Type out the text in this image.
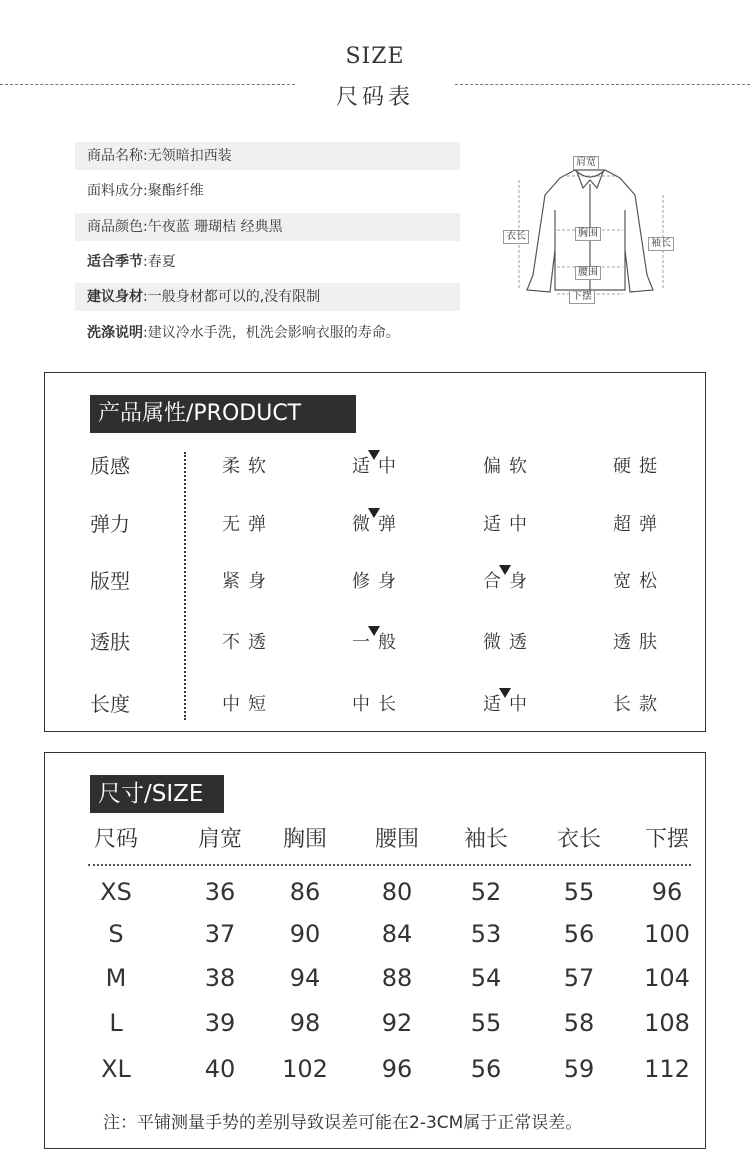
SIZE
尺码表
商品名称:无领暗扣西装
面料成分:聚酯纤维
商品颜色:午夜蓝 珊瑚桔 经典黑
适合季节:春夏
建议身材:一般身材都可以的,没有限制
洗涤说明:建议冷水手洗，机洗会影响衣服的寿命。
肩宽
胸围
腰围
衣长
袖长
下摆
产品属性/PRODUCT
质感	柔软	适 中	偏软	硬挺
弹力	无弹	微 弹	适中	超弹
版型	紧身	修身	合 身	宽松
透肤	不透	一 般	微透	透肤
长度	中短	中长	适 中	长款
尺寸/SIZE
尺码	肩宽	胸围	腰围	袖长	衣长	下摆
XS	36	86	80	52	55	96
S	37	90	84	53	56	100
M	38	94	88	54	57	104
L	39	98	92	55	58	108
XL	40	102	96	56	59	112
注：平铺测量手势的差别导致误差可能在2-3CM属于正常误差。
